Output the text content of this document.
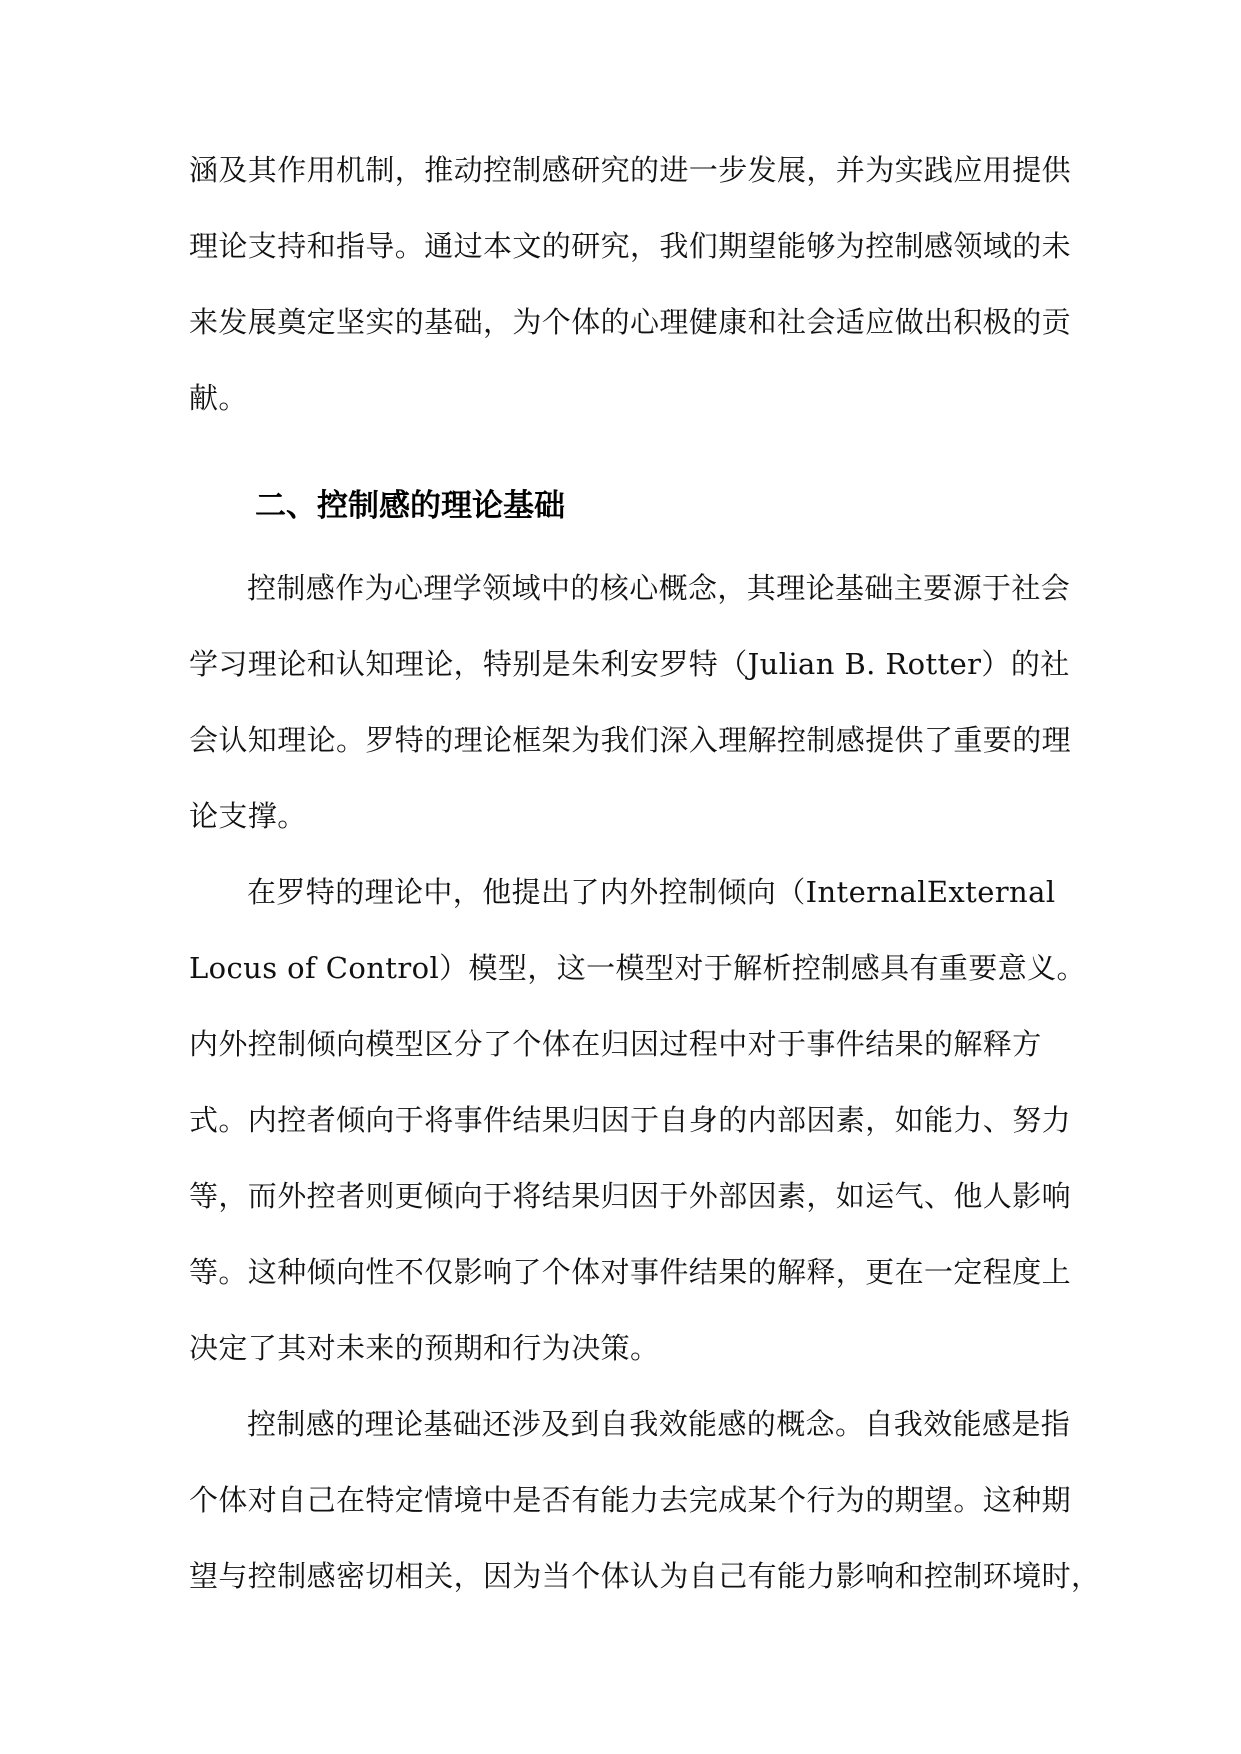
涵及其作用机制，推动控制感研究的进一步发展，并为实践应用提供
理论支持和指导。通过本文的研究，我们期望能够为控制感领域的未
来发展奠定坚实的基础，为个体的心理健康和社会适应做出积极的贡
献。
二、控制感的理论基础
控制感作为心理学领域中的核心概念，其理论基础主要源于社会
学习理论和认知理论，特别是朱利安罗特（Julian B. Rotter）的社
会认知理论。罗特的理论框架为我们深入理解控制感提供了重要的理
论支撑。
在罗特的理论中，他提出了内外控制倾向（InternalExternal
Locus of Control）模型，这一模型对于解析控制感具有重要意义。
内外控制倾向模型区分了个体在归因过程中对于事件结果的解释方
式。内控者倾向于将事件结果归因于自身的内部因素，如能力、努力
等，而外控者则更倾向于将结果归因于外部因素，如运气、他人影响
等。这种倾向性不仅影响了个体对事件结果的解释，更在一定程度上
决定了其对未来的预期和行为决策。
控制感的理论基础还涉及到自我效能感的概念。自我效能感是指
个体对自己在特定情境中是否有能力去完成某个行为的期望。这种期
望与控制感密切相关，因为当个体认为自己有能力影响和控制环境时，
